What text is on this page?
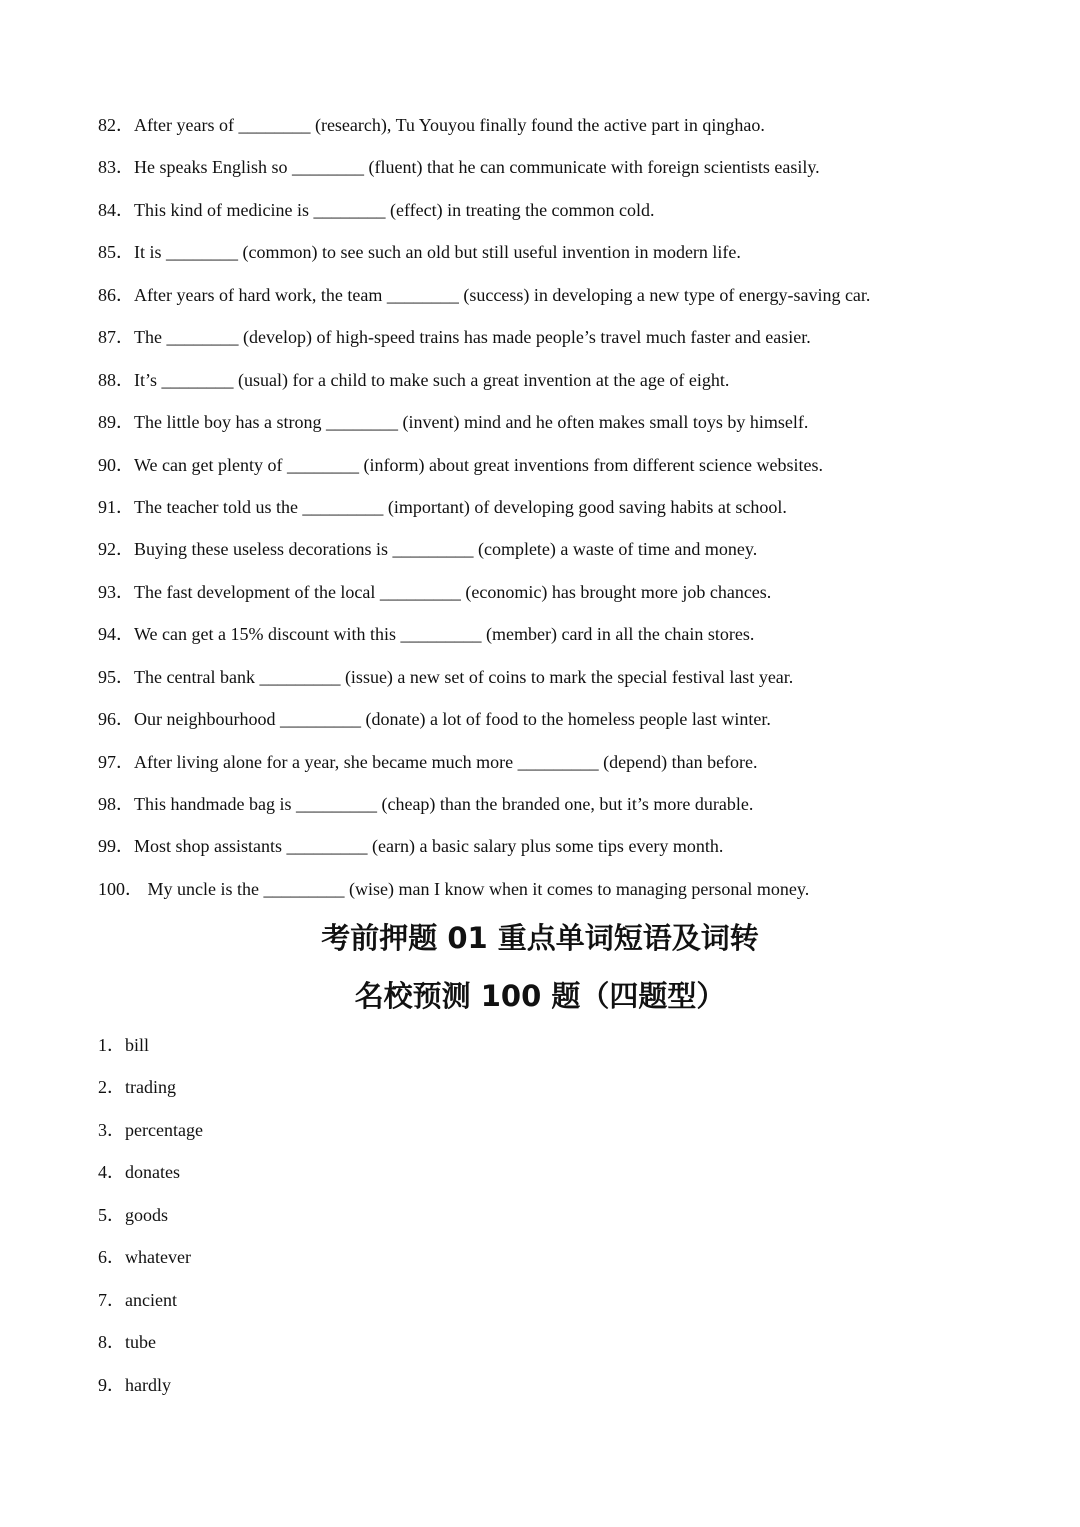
82．After years of ________ (research), Tu Youyou finally found the active part in qinghao.
83．He speaks English so ________ (fluent) that he can communicate with foreign scientists easily.
84．This kind of medicine is ________ (effect) in treating the common cold.
85．It is ________ (common) to see such an old but still useful invention in modern life.
86．After years of hard work, the team ________ (success) in developing a new type of energy-saving car.
87．The ________ (develop) of high-speed trains has made people’s travel much faster and easier.
88．It’s ________ (usual) for a child to make such a great invention at the age of eight.
89．The little boy has a strong ________ (invent) mind and he often makes small toys by himself.
90．We can get plenty of ________ (inform) about great inventions from different science websites.
91．The teacher told us the _________ (important) of developing good saving habits at school.
92．Buying these useless decorations is _________ (complete) a waste of time and money.
93．The fast development of the local _________ (economic) has brought more job chances.
94．We can get a 15% discount with this _________ (member) card in all the chain stores.
95．The central bank _________ (issue) a new set of coins to mark the special festival last year.
96．Our neighbourhood _________ (donate) a lot of food to the homeless people last winter.
97．After living alone for a year, she became much more _________ (depend) than before.
98．This handmade bag is _________ (cheap) than the branded one, but it’s more durable.
99．Most shop assistants _________ (earn) a basic salary plus some tips every month.
100． My uncle is the _________ (wise) man I know when it comes to managing personal money.
考前押题 01 重点单词短语及词转
名校预测 100 题（四题型）
1．bill
2．trading
3．percentage
4．donates
5．goods
6．whatever
7．ancient
8．tube
9．hardly
